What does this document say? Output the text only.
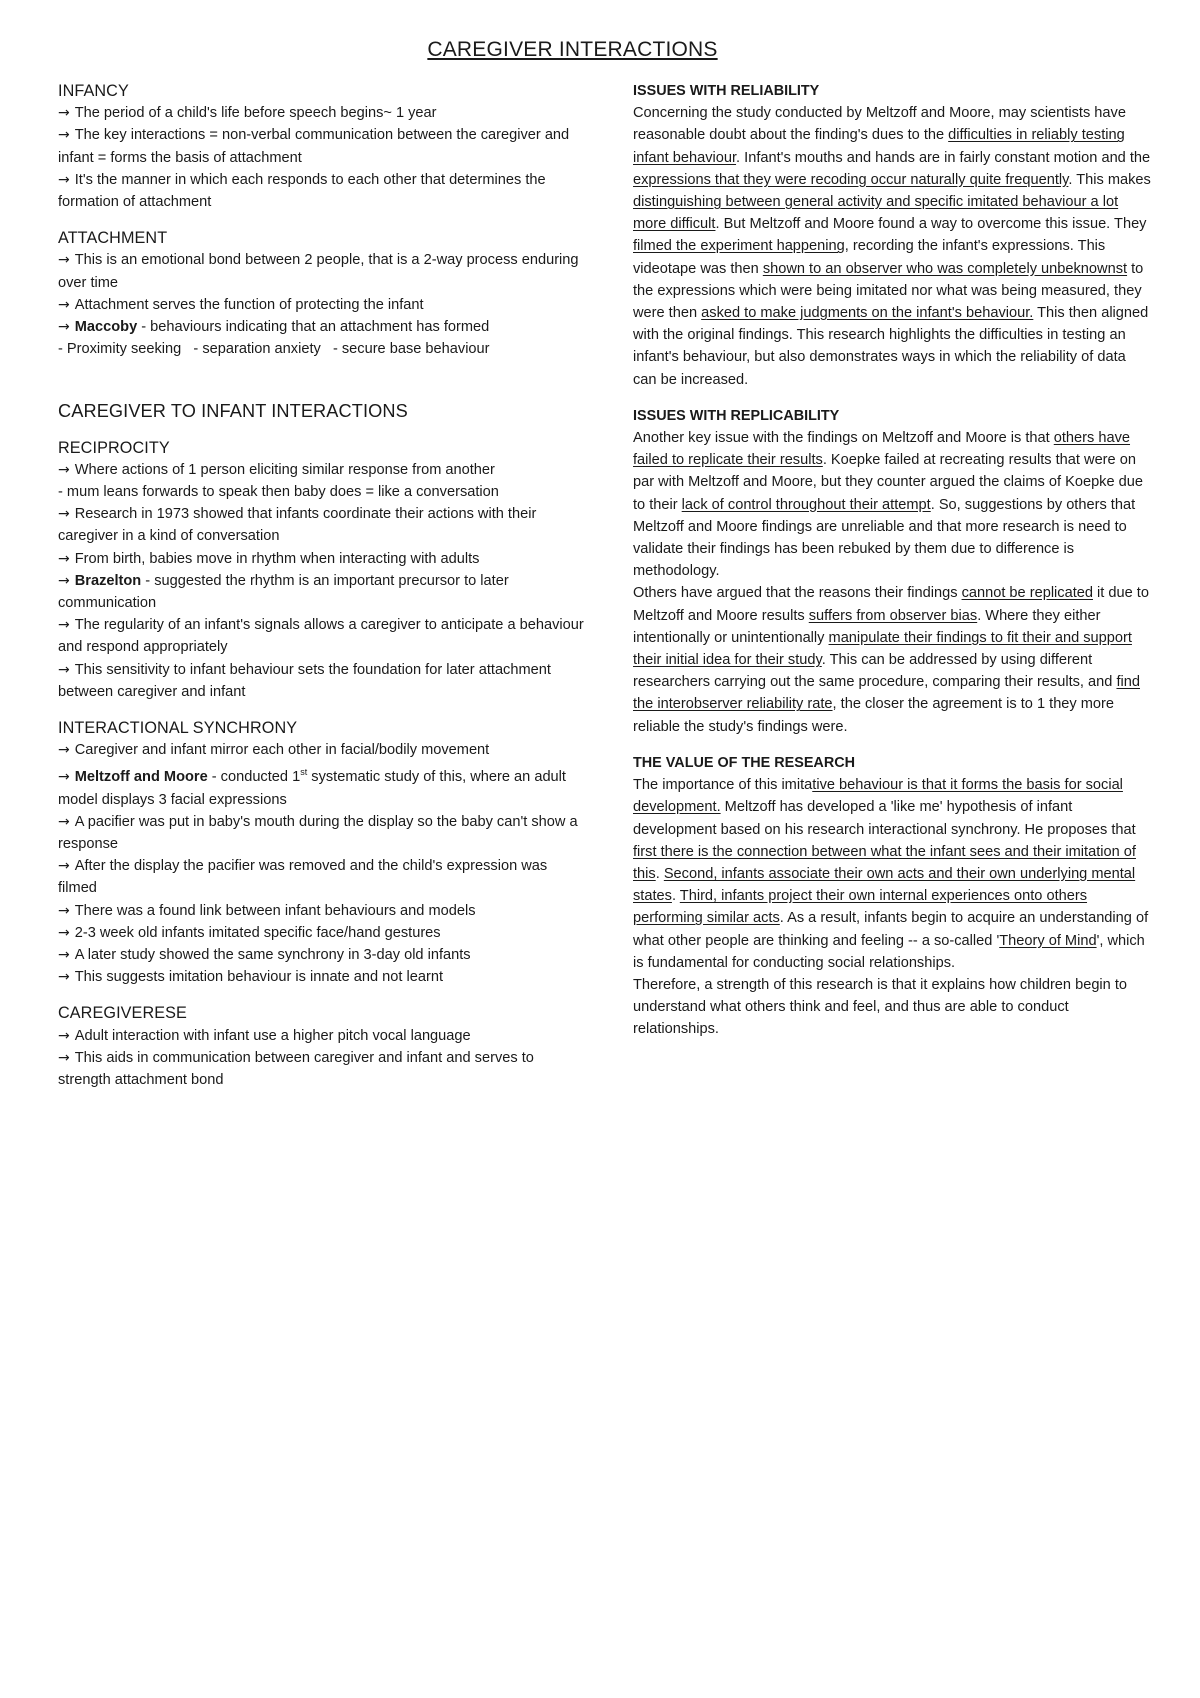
CAREGIVER INTERACTIONS

INFANCY

→ The period of a child's life before speech begins~ 1 year

→ The key interactions = non-verbal communication between the caregiver and infant = forms the basis of attachment

→ It's the manner in which each responds to each other that determines the formation of attachment

ATTACHMENT

→ This is an emotional bond between 2 people, that is a 2-way process enduring over time

→ Attachment serves the function of protecting the infant

→ Maccoby - behaviours indicating that an attachment has formed

- Proximity seeking   - separation anxiety   - secure base behaviour

CAREGIVER TO INFANT INTERACTIONS

RECIPROCITY

→ Where actions of 1 person eliciting similar response from another

- mum leans forwards to speak then baby does = like a conversation

→ Research in 1973 showed that infants coordinate their actions with their caregiver in a kind of conversation

→ From birth, babies move in rhythm when interacting with adults

→ Brazelton - suggested the rhythm is an important precursor to later communication

→ The regularity of an infant's signals allows a caregiver to anticipate a behaviour and respond appropriately

→ This sensitivity to infant behaviour sets the foundation for later attachment between caregiver and infant

INTERACTIONAL SYNCHRONY

→ Caregiver and infant mirror each other in facial/bodily movement

→ Meltzoff and Moore - conducted 1st systematic study of this, where an adult model displays 3 facial expressions

→ A pacifier was put in baby's mouth during the display so the baby can't show a response

→ After the display the pacifier was removed and the child's expression was filmed

→ There was a found link between infant behaviours and models

→ 2-3 week old infants imitated specific face/hand gestures

→ A later study showed the same synchrony in 3-day old infants

→ This suggests imitation behaviour is innate and not learnt

CAREGIVERESE

→ Adult interaction with infant use a higher pitch vocal language

→ This aids in communication between caregiver and infant and serves to strength attachment bond

ISSUES WITH RELIABILITY

Concerning the study conducted by Meltzoff and Moore, may scientists have reasonable doubt about the finding's dues to the difficulties in reliably testing infant behaviour. Infant's mouths and hands are in fairly constant motion and the expressions that they were recoding occur naturally quite frequently. This makes distinguishing between general activity and specific imitated behaviour a lot more difficult. But Meltzoff and Moore found a way to overcome this issue. They filmed the experiment happening, recording the infant's expressions. This videotape was then shown to an observer who was completely unbeknownst to the expressions which were being imitated nor what was being measured, they were then asked to make judgments on the infant's behaviour. This then aligned with the original findings. This research highlights the difficulties in testing an infant's behaviour, but also demonstrates ways in which the reliability of data can be increased.

ISSUES WITH REPLICABILITY

Another key issue with the findings on Meltzoff and Moore is that others have failed to replicate their results. Koepke failed at recreating results that were on par with Meltzoff and Moore, but they counter argued the claims of Koepke due to their lack of control throughout their attempt. So, suggestions by others that Meltzoff and Moore findings are unreliable and that more research is need to validate their findings has been rebuked by them due to difference is methodology.

Others have argued that the reasons their findings cannot be replicated it due to Meltzoff and Moore results suffers from observer bias. Where they either intentionally or unintentionally manipulate their findings to fit their and support their initial idea for their study. This can be addressed by using different researchers carrying out the same procedure, comparing their results, and find the interobserver reliability rate, the closer the agreement is to 1 they more reliable the study's findings were.

THE VALUE OF THE RESEARCH

The importance of this imitative behaviour is that it forms the basis for social development. Meltzoff has developed a 'like me' hypothesis of infant development based on his research interactional synchrony. He proposes that first there is the connection between what the infant sees and their imitation of this. Second, infants associate their own acts and their own underlying mental states. Third, infants project their own internal experiences onto others performing similar acts. As a result, infants begin to acquire an understanding of what other people are thinking and feeling -- a so-called 'Theory of Mind', which is fundamental for conducting social relationships.

Therefore, a strength of this research is that it explains how children begin to understand what others think and feel, and thus are able to conduct relationships.
